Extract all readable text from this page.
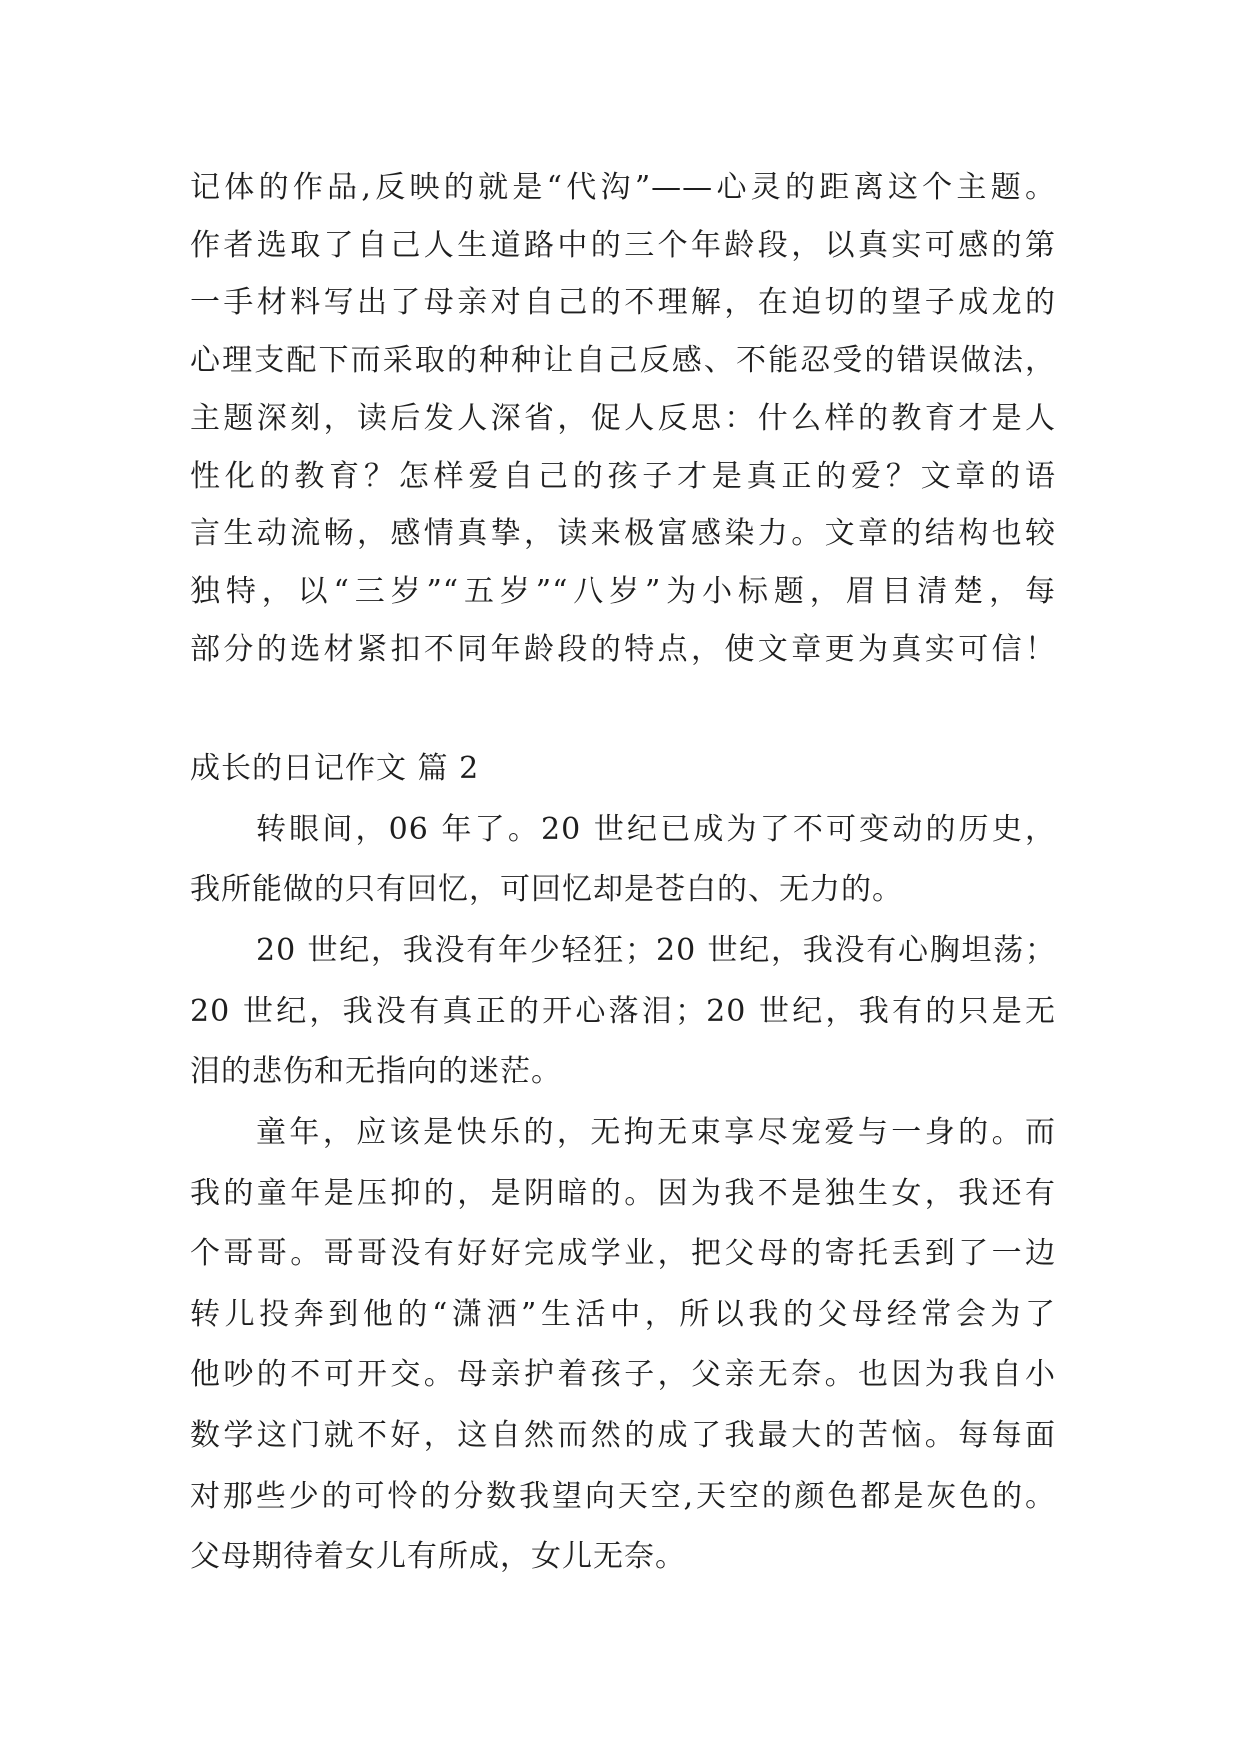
记体的作品,反映的就是“代沟”——心灵的距离这个主题。
作者选取了自己人生道路中的三个年龄段，以真实可感的第
一手材料写出了母亲对自己的不理解，在迫切的望子成龙的
心理支配下而采取的种种让自己反感、不能忍受的错误做法，
主题深刻，读后发人深省，促人反思：什么样的教育才是人
性化的教育？怎样爱自己的孩子才是真正的爱？文章的语
言生动流畅，感情真挚，读来极富感染力。文章的结构也较
独特，以“三岁”“五岁”“八岁”为小标题，眉目清楚，每
部分的选材紧扣不同年龄段的特点，使文章更为真实可信！
成长的日记作文 篇 2
转眼间，06 年了。20 世纪已成为了不可变动的历史，
我所能做的只有回忆，可回忆却是苍白的、无力的。
20 世纪，我没有年少轻狂；20 世纪，我没有心胸坦荡；
20 世纪，我没有真正的开心落泪；20 世纪，我有的只是无
泪的悲伤和无指向的迷茫。
童年，应该是快乐的，无拘无束享尽宠爱与一身的。而
我的童年是压抑的，是阴暗的。因为我不是独生女，我还有
个哥哥。哥哥没有好好完成学业，把父母的寄托丢到了一边
转儿投奔到他的“潇洒”生活中，所以我的父母经常会为了
他吵的不可开交。母亲护着孩子，父亲无奈。也因为我自小
数学这门就不好，这自然而然的成了我最大的苦恼。每每面
对那些少的可怜的分数我望向天空,天空的颜色都是灰色的。
父母期待着女儿有所成，女儿无奈。
